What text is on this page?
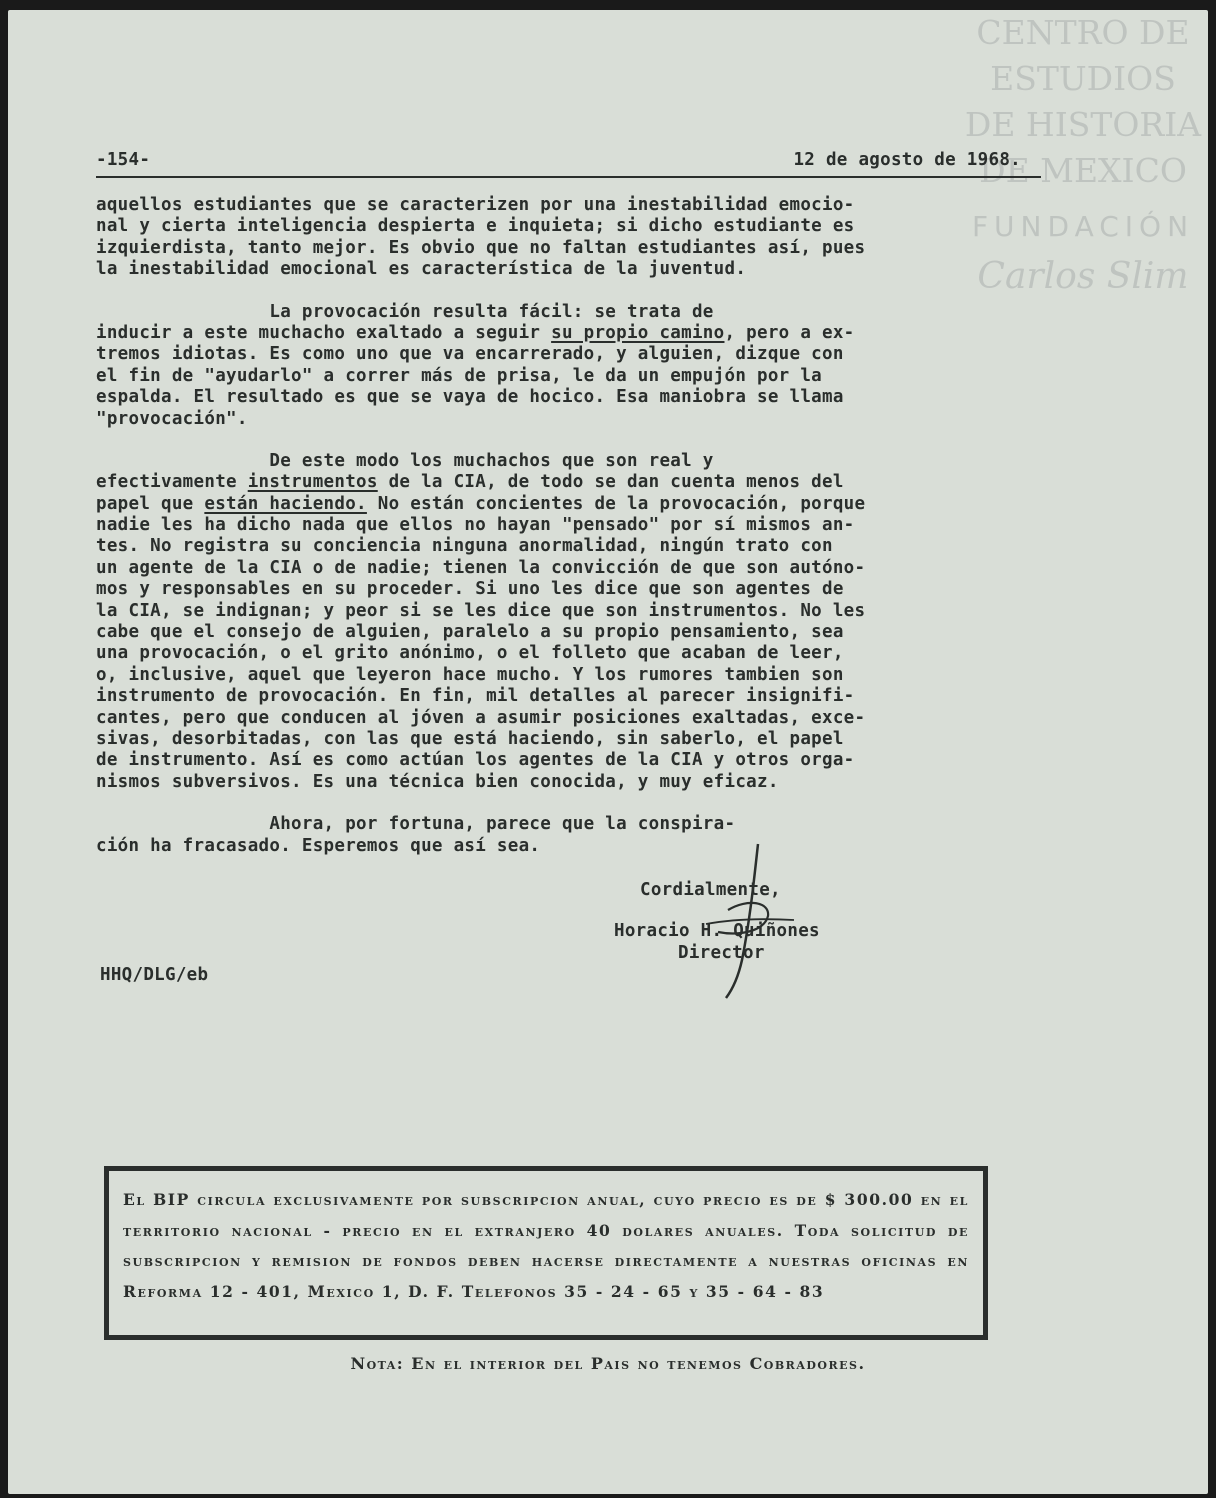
CENTRO DE
ESTUDIOS
DE HISTORIA
DE MEXICO
FUNDACIÓN
Carlos Slim
-154-	12 de agosto de 1968.
aquellos estudiantes que se caracterizen por una inestabilidad emocio-
nal y cierta inteligencia despierta e inquieta; si dicho estudiante es
izquierdista, tanto mejor. Es obvio que no faltan estudiantes así, pues
la inestabilidad emocional es característica de la juventud.
La provocación resulta fácil: se trata de
inducir a este muchacho exaltado a seguir su propio camino, pero a ex-
tremos idiotas. Es como uno que va encarrerado, y alguien, dizque con
el fin de "ayudarlo" a correr más de prisa, le da un empujón por la
espalda. El resultado es que se vaya de hocico. Esa maniobra se llama
"provocación".
De este modo los muchachos que son real y
efectivamente instrumentos de la CIA, de todo se dan cuenta menos del
papel que están haciendo. No están concientes de la provocación, porque
nadie les ha dicho nada que ellos no hayan "pensado" por sí mismos an-
tes. No registra su conciencia ninguna anormalidad, ningún trato con
un agente de la CIA o de nadie; tienen la convicción de que son autóno-
mos y responsables en su proceder. Si uno les dice que son agentes de
la CIA, se indignan; y peor si se les dice que son instrumentos. No les
cabe que el consejo de alguien, paralelo a su propio pensamiento, sea
una provocación, o el grito anónimo, o el folleto que acaban de leer,
o, inclusive, aquel que leyeron hace mucho. Y los rumores tambien son
instrumento de provocación. En fin, mil detalles al parecer insignifi-
cantes, pero que conducen al jóven a asumir posiciones exaltadas, exce-
sivas, desorbitadas, con las que está haciendo, sin saberlo, el papel
de instrumento. Así es como actúan los agentes de la CIA y otros orga-
nismos subversivos. Es una técnica bien conocida, y muy eficaz.
Ahora, por fortuna, parece que la conspira-
ción ha fracasado. Esperemos que así sea.
Cordialmente,
Horacio H. Quiñones
Director
HHQ/DLG/eb
El BIP circula exclusivamente por subscripcion anual, cuyo precio es de $ 300.00 en el territorio nacional - precio en el extranjero 40 dolares anuales. Toda solicitud de subscripcion y remision de fondos deben hacerse directamente a nuestras oficinas en Reforma 12 - 401, Mexico 1, D. F. Telefonos 35 - 24 - 65 y 35 - 64 - 83
Nota: En el interior del Pais no tenemos Cobradores.
